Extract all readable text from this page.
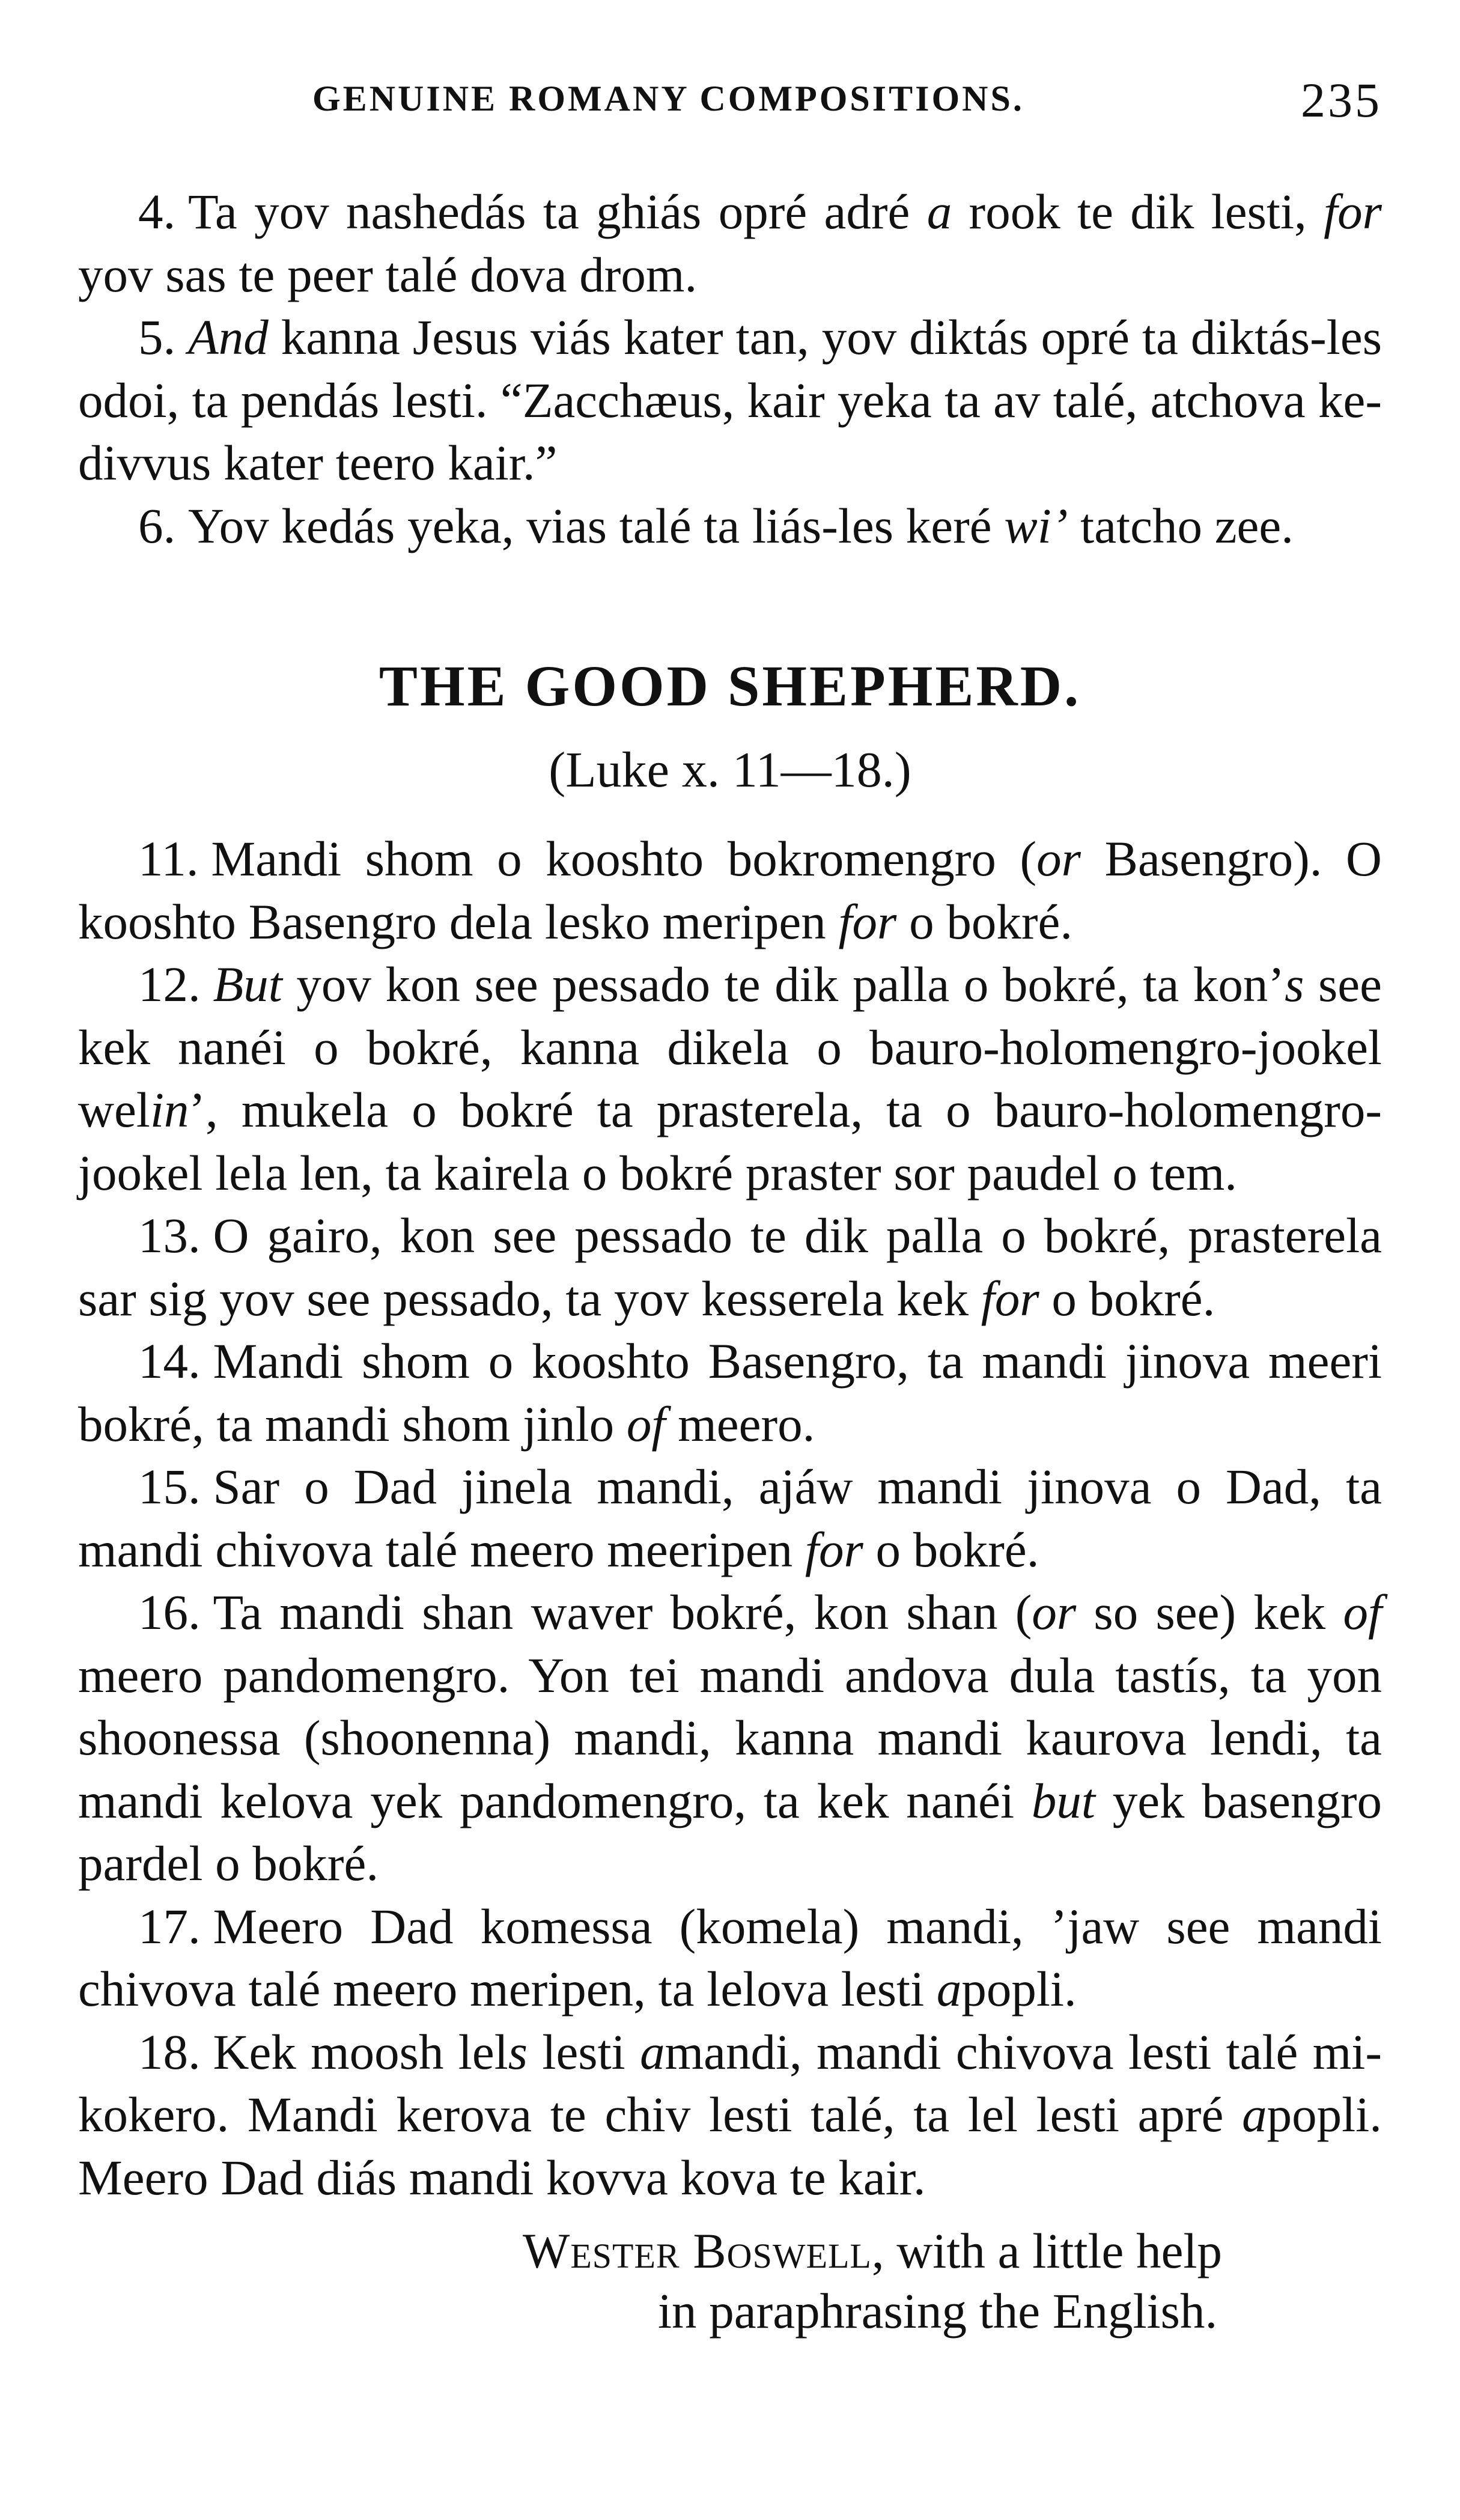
GENUINE ROMANY COMPOSITIONS.	235

4. Ta yov nashedás ta ghiás opré adré a rook te dik lesti, for yov sas te peer talé dova drom.

5. And kanna Jesus viás kater tan, yov diktás opré ta diktás-les odoi, ta pendás lesti. “Zacchæus, kair yeka ta av talé, atchova ke-divvus kater teero kair.”

6. Yov kedás yeka, vias talé ta liás-les keré wi’ tatcho zee.

THE GOOD SHEPHERD.
(Luke x. 11—18.)

11. Mandi shom o kooshto bokromengro (or Basengro). O kooshto Basengro dela lesko meripen for o bokré.

12. But yov kon see pessado te dik palla o bokré, ta kon’s see kek nanéi o bokré, kanna dikela o bauro-holomengro-jookel welin’, mukela o bokré ta prasterela, ta o bauro-holomengro-jookel lela len, ta kairela o bokré praster sor paudel o tem.

13. O gairo, kon see pessado te dik palla o bokré, prasterela sar sig yov see pessado, ta yov kesserela kek for o bokré.

14. Mandi shom o kooshto Basengro, ta mandi jinova meeri bokré, ta mandi shom jinlo of meero.

15. Sar o Dad jinela mandi, ajáw mandi jinova o Dad, ta mandi chivova talé meero meeripen for o bokré.

16. Ta mandi shan waver bokré, kon shan (or so see) kek of meero pandomengro. Yon tei mandi andova dula tastís, ta yon shoonessa (shoonenna) mandi, kanna mandi kaurova lendi, ta mandi kelova yek pandomengro, ta kek nanéi but yek basengro pardel o bokré.

17. Meero Dad komessa (komela) mandi, ’jaw see mandi chivova talé meero meripen, ta lelova lesti apopli.

18. Kek moosh lels lesti amandi, mandi chivova lesti talé mi-kokero. Mandi kerova te chiv lesti talé, ta lel lesti apré apopli. Meero Dad diás mandi kovva kova te kair.

Wester Boswell, with a little help
in paraphrasing the English.
